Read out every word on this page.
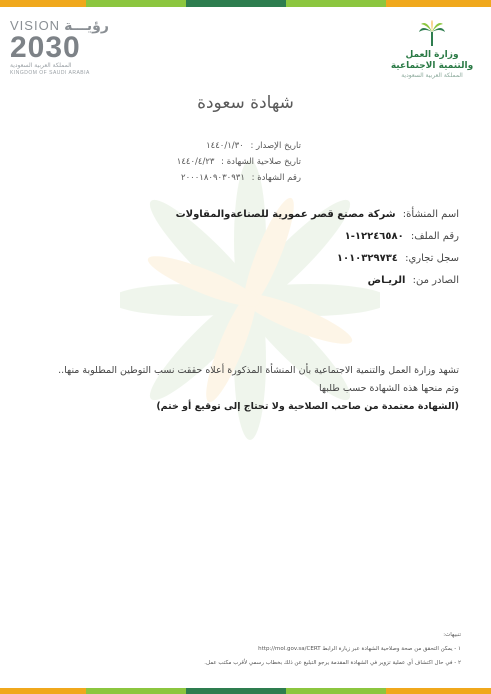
VISION رؤيـــة
2030
المملكة العربية السعودية
KINGDOM OF SAUDI ARABIA
وزارة العمل
والتنمية الاجتماعية
المملكة العربية السعودية
شهادة سعودة
تاريخ الإصدار : ١٤٤٠/١/٣٠
تاريخ صلاحية الشهادة : ١٤٤٠/٤/٢٣
رقم الشهادة : ٢٠٠٠١٨٠٩٠٣٠٩٣١
اسم المنشأة: شركة مصنع قصر عمورية للصناعةوالمقاولات
رقم الملف: ١٢٢٤٦٥٨٠-١
سجل تجاري: ١٠١٠٣٢٩٧٣٤
الصادر من: الريـاض
تشهد وزارة العمل والتنمية الاجتماعية بأن المنشأة المذكورة أعلاه حققت نسب التوطين المطلوبة منها..
وتم منحها هذه الشهادة حسب طلبها
(الشهادة معتمدة من صاحب الصلاحية ولا تحتاج إلى توقيع أو ختم)
تنبيهات:
١ - يمكن التحقق من صحة وصلاحية الشهادة عبر زيارة الرابط http://mol.gov.sa/CERT
٢ - في حال اكتشاف أي عملية تزوير في الشهادة المقدمة يرجو التبليغ عن ذلك بخطاب رسمي لأقرب مكتب عمل.
